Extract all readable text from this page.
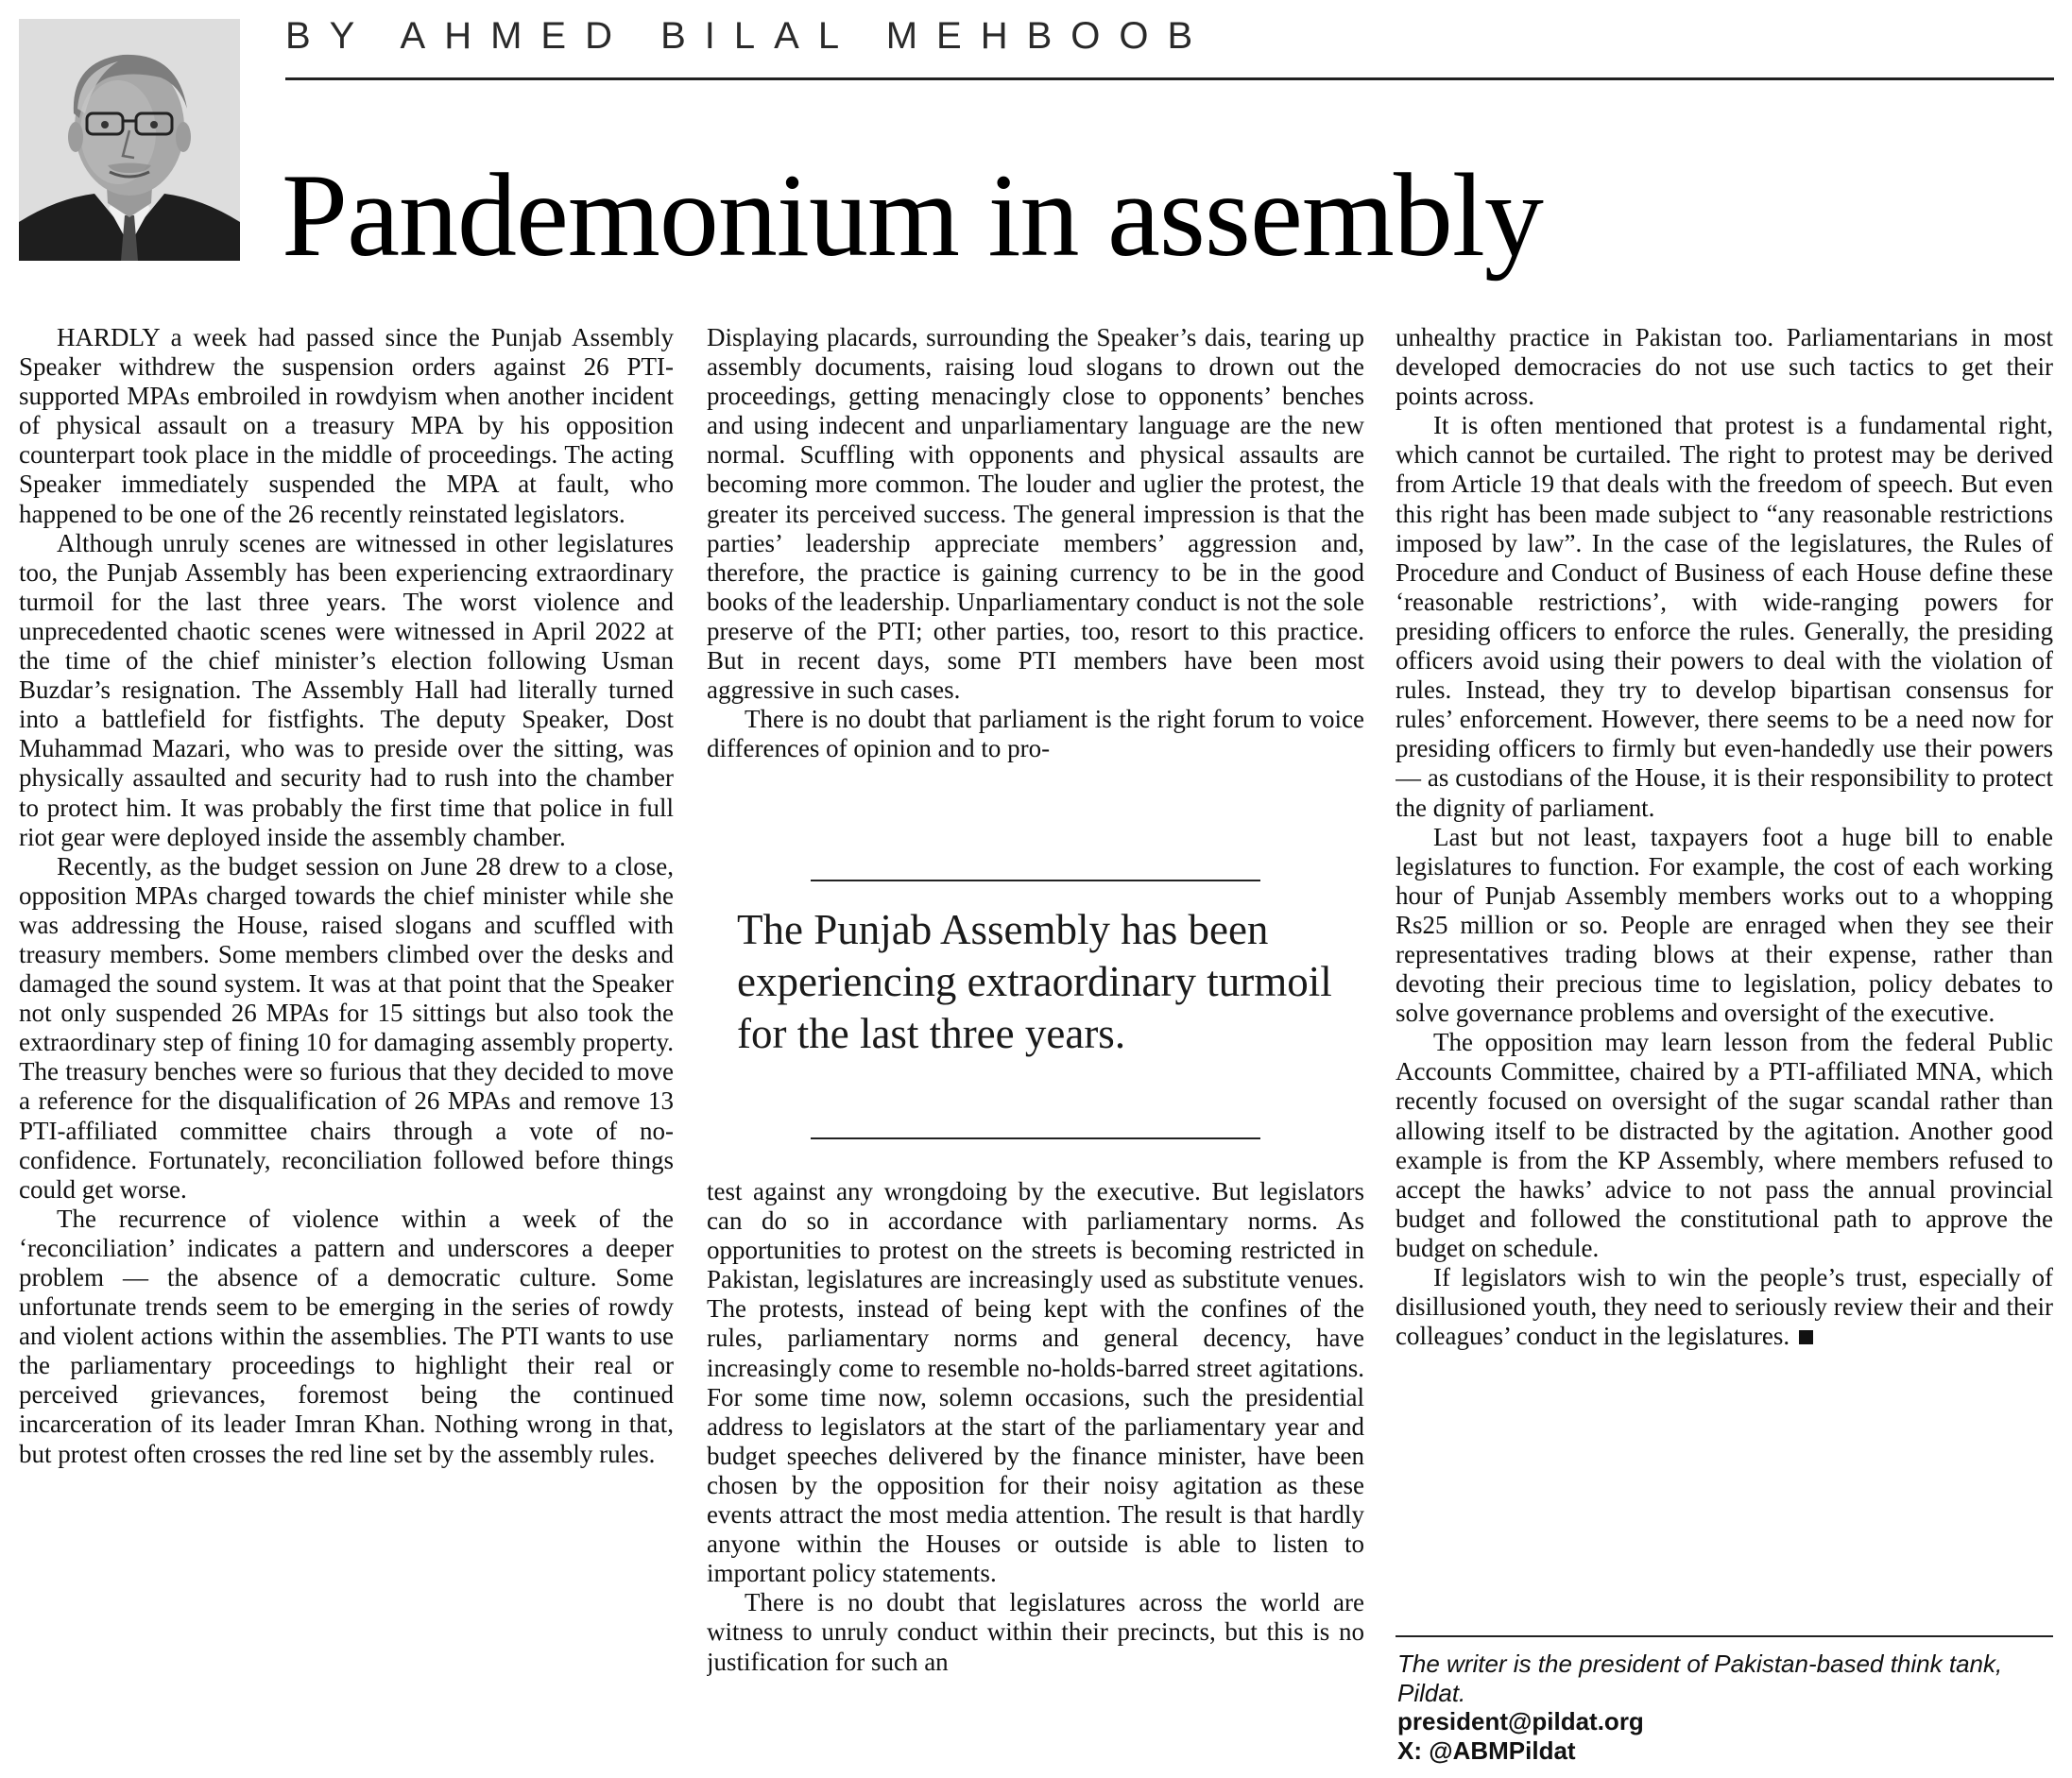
BY AHMED BILAL MEHBOOB
Pandemonium in assembly

HARDLY a week had passed since the Punjab Assembly Speaker withdrew the suspension orders against 26 PTI-supported MPAs embroiled in rowdyism when another incident of physical assault on a treasury MPA by his opposition counterpart took place in the middle of proceedings. The acting Speaker immediately suspended the MPA at fault, who happened to be one of the 26 recently reinstated legislators.

Although unruly scenes are witnessed in other legislatures too, the Punjab Assembly has been experiencing extraordinary turmoil for the last three years. The worst violence and unprecedented chaotic scenes were witnessed in April 2022 at the time of the chief minister’s election following Usman Buzdar’s resignation. The Assembly Hall had literally turned into a battlefield for fistfights. The deputy Speaker, Dost Muhammad Mazari, who was to preside over the sitting, was physically assaulted and security had to rush into the chamber to protect him. It was probably the first time that police in full riot gear were deployed inside the assembly chamber.

Recently, as the budget session on June 28 drew to a close, opposition MPAs charged towards the chief minister while she was addressing the House, raised slogans and scuffled with treasury members. Some members climbed over the desks and damaged the sound system. It was at that point that the Speaker not only suspended 26 MPAs for 15 sittings but also took the extraordinary step of fining 10 for damaging assembly property. The treasury benches were so furious that they decided to move a reference for the disqualification of 26 MPAs and remove 13 PTI-affiliated committee chairs through a vote of no-confidence. Fortunately, reconciliation followed before things could get worse.

The recurrence of violence within a week of the ‘reconciliation’ indicates a pattern and underscores a deeper problem — the absence of a democratic culture. Some unfortunate trends seem to be emerging in the series of rowdy and violent actions within the assemblies. The PTI wants to use the parliamentary proceedings to highlight their real or perceived grievances, foremost being the continued incarceration of its leader Imran Khan. Nothing wrong in that, but protest often crosses the red line set by the assembly rules.

Displaying placards, surrounding the Speaker’s dais, tearing up assembly documents, raising loud slogans to drown out the proceedings, getting menacingly close to opponents’ benches and using indecent and unparliamentary language are the new normal. Scuffling with opponents and physical assaults are becoming more common. The louder and uglier the protest, the greater its perceived success. The general impression is that the parties’ leadership appreciate members’ aggression and, therefore, the practice is gaining currency to be in the good books of the leadership. Unparliamentary conduct is not the sole preserve of the PTI; other parties, too, resort to this practice. But in recent days, some PTI members have been most aggressive in such cases.

There is no doubt that parliament is the right forum to voice differences of opinion and to pro-

The Punjab Assembly has been experiencing extraordinary turmoil for the last three years.

test against any wrongdoing by the executive. But legislators can do so in accordance with parliamentary norms. As opportunities to protest on the streets is becoming restricted in Pakistan, legislatures are increasingly used as substitute venues. The protests, instead of being kept with the confines of the rules, parliamentary norms and general decency, have increasingly come to resemble no-holds-barred street agitations. For some time now, solemn occasions, such the presidential address to legislators at the start of the parliamentary year and budget speeches delivered by the finance minister, have been chosen by the opposition for their noisy agitation as these events attract the most media attention. The result is that hardly anyone within the Houses or outside is able to listen to important policy statements.

There is no doubt that legislatures across the world are witness to unruly conduct within their precincts, but this is no justification for such an

unhealthy practice in Pakistan too. Parliamentarians in most developed democracies do not use such tactics to get their points across.

It is often mentioned that protest is a fundamental right, which cannot be curtailed. The right to protest may be derived from Article 19 that deals with the freedom of speech. But even this right has been made subject to “any reasonable restrictions imposed by law”. In the case of the legislatures, the Rules of Procedure and Conduct of Business of each House define these ‘reasonable restrictions’, with wide-ranging powers for presiding officers to enforce the rules. Generally, the presiding officers avoid using their powers to deal with the violation of rules. Instead, they try to develop bipartisan consensus for rules’ enforcement. However, there seems to be a need now for presiding officers to firmly but even-handedly use their powers — as custodians of the House, it is their responsibility to protect the dignity of parliament.

Last but not least, taxpayers foot a huge bill to enable legislatures to function. For example, the cost of each working hour of Punjab Assembly members works out to a whopping Rs25 million or so. People are enraged when they see their representatives trading blows at their expense, rather than devoting their precious time to legislation, policy debates to solve governance problems and oversight of the executive.

The opposition may learn lesson from the federal Public Accounts Committee, chaired by a PTI-affiliated MNA, which recently focused on oversight of the sugar scandal rather than allowing itself to be distracted by the agitation. Another good example is from the KP Assembly, where members refused to accept the hawks’ advice to not pass the annual provincial budget and followed the constitutional path to approve the budget on schedule.

If legislators wish to win the people’s trust, especially of disillusioned youth, they need to seriously review their and their colleagues’ conduct in the legislatures.

The writer is the president of Pakistan-based think tank, Pildat.
president@pildat.org
X: @ABMPildat
